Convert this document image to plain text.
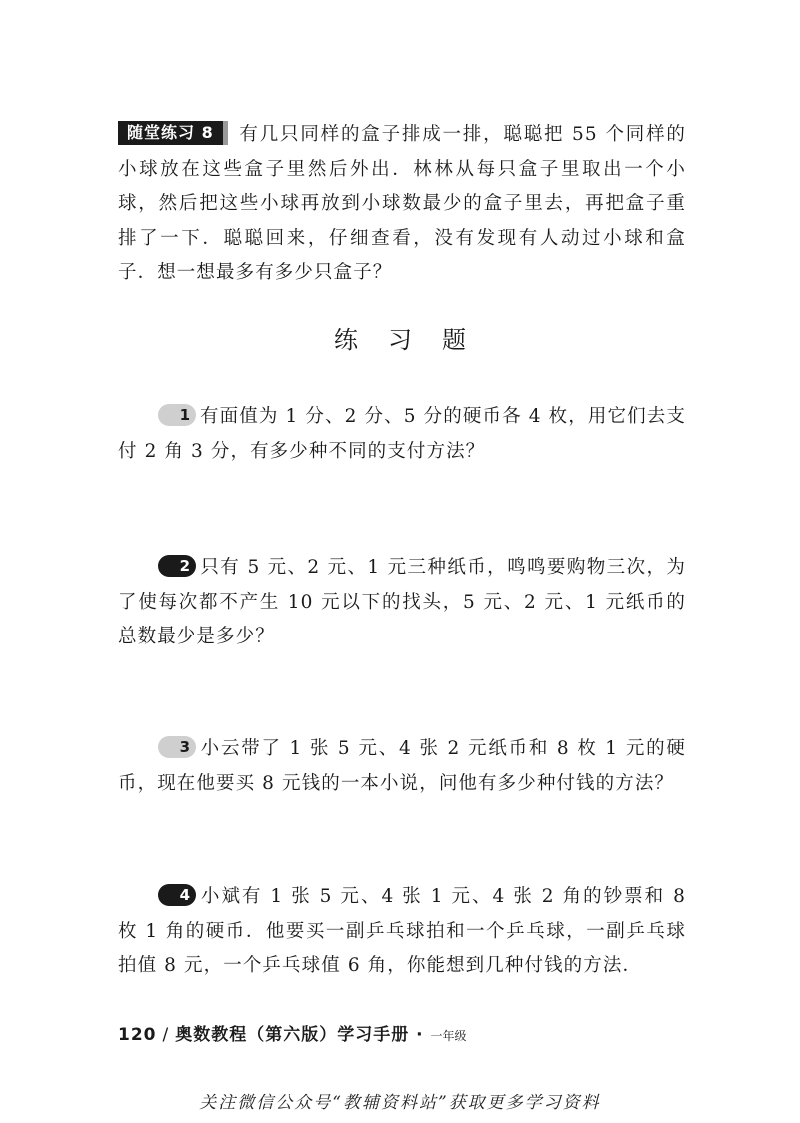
随堂练习 8 有几只同样的盒子排成一排，聪聪把 55 个同样的小球放在这些盒子里然后外出．林林从每只盒子里取出一个小球，然后把这些小球再放到小球数最少的盒子里去，再把盒子重排了一下．聪聪回来，仔细查看，没有发现有人动过小球和盒子．想一想最多有多少只盒子？
练习题
1 有面值为 1 分、2 分、5 分的硬币各 4 枚，用它们去支付 2 角 3 分，有多少种不同的支付方法？
2 只有 5 元、2 元、1 元三种纸币，鸣鸣要购物三次，为了使每次都不产生 10 元以下的找头，5 元、2 元、1 元纸币的总数最少是多少？
3 小云带了 1 张 5 元、4 张 2 元纸币和 8 枚 1 元的硬币，现在他要买 8 元钱的一本小说，问他有多少种付钱的方法？
4 小斌有 1 张 5 元、4 张 1 元、4 张 2 角的钞票和 8 枚 1 角的硬币．他要买一副乒乓球拍和一个乒乓球，一副乒乓球拍值 8 元，一个乒乓球值 6 角，你能想到几种付钱的方法．
120 / 奥数教程（第六版）学习手册 · 一年级
关注微信公众号“教辅资料站”获取更多学习资料
